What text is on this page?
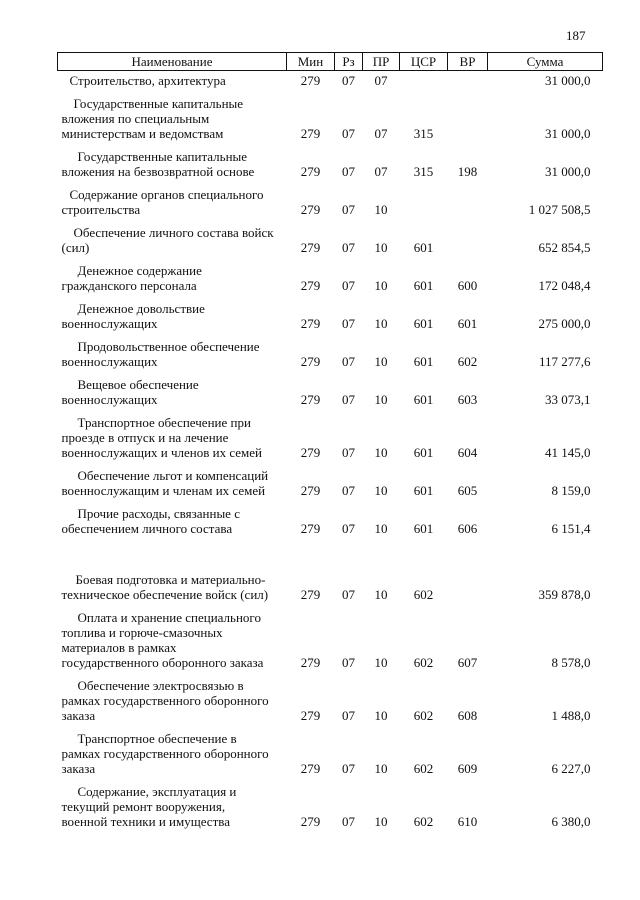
187
Наименование	Мин	Рз	ПР	ЦСР	ВР	Сумма

Строительство, архитектура	279	07	07			31 000,0

Государственные капитальные
вложения по специальным
министерствам и ведомствам	279	07	07	315		31 000,0

Государственные капитальные
вложения на безвозвратной основе	279	07	07	315	198	31 000,0

Содержание органов специального
строительства	279	07	10			1 027 508,5

Обеспечение личного состава войск
(сил)	279	07	10	601		652 854,5

Денежное содержание
гражданского персонала	279	07	10	601	600	172 048,4

Денежное довольствие
военнослужащих	279	07	10	601	601	275 000,0

Продовольственное обеспечение
военнослужащих	279	07	10	601	602	117 277,6

Вещевое обеспечение
военнослужащих	279	07	10	601	603	33 073,1

Транспортное обеспечение при
проезде в отпуск и на лечение
военнослужащих и членов их семей	279	07	10	601	604	41 145,0

Обеспечение льгот и компенсаций
военнослужащим и членам их семей	279	07	10	601	605	8 159,0

Прочие расходы, связанные с
обеспечением личного состава	279	07	10	601	606	6 151,4

Боевая подготовка и материально-
техническое обеспечение войск (сил)	279	07	10	602		359 878,0

Оплата и хранение специального
топлива и горюче-смазочных
материалов в рамках
государственного оборонного заказа	279	07	10	602	607	8 578,0

Обеспечение электросвязью в
рамках государственного оборонного
заказа	279	07	10	602	608	1 488,0

Транспортное обеспечение в
рамках государственного оборонного
заказа	279	07	10	602	609	6 227,0

Содержание, эксплуатация и
текущий ремонт вооружения,
военной техники и имущества	279	07	10	602	610	6 380,0
